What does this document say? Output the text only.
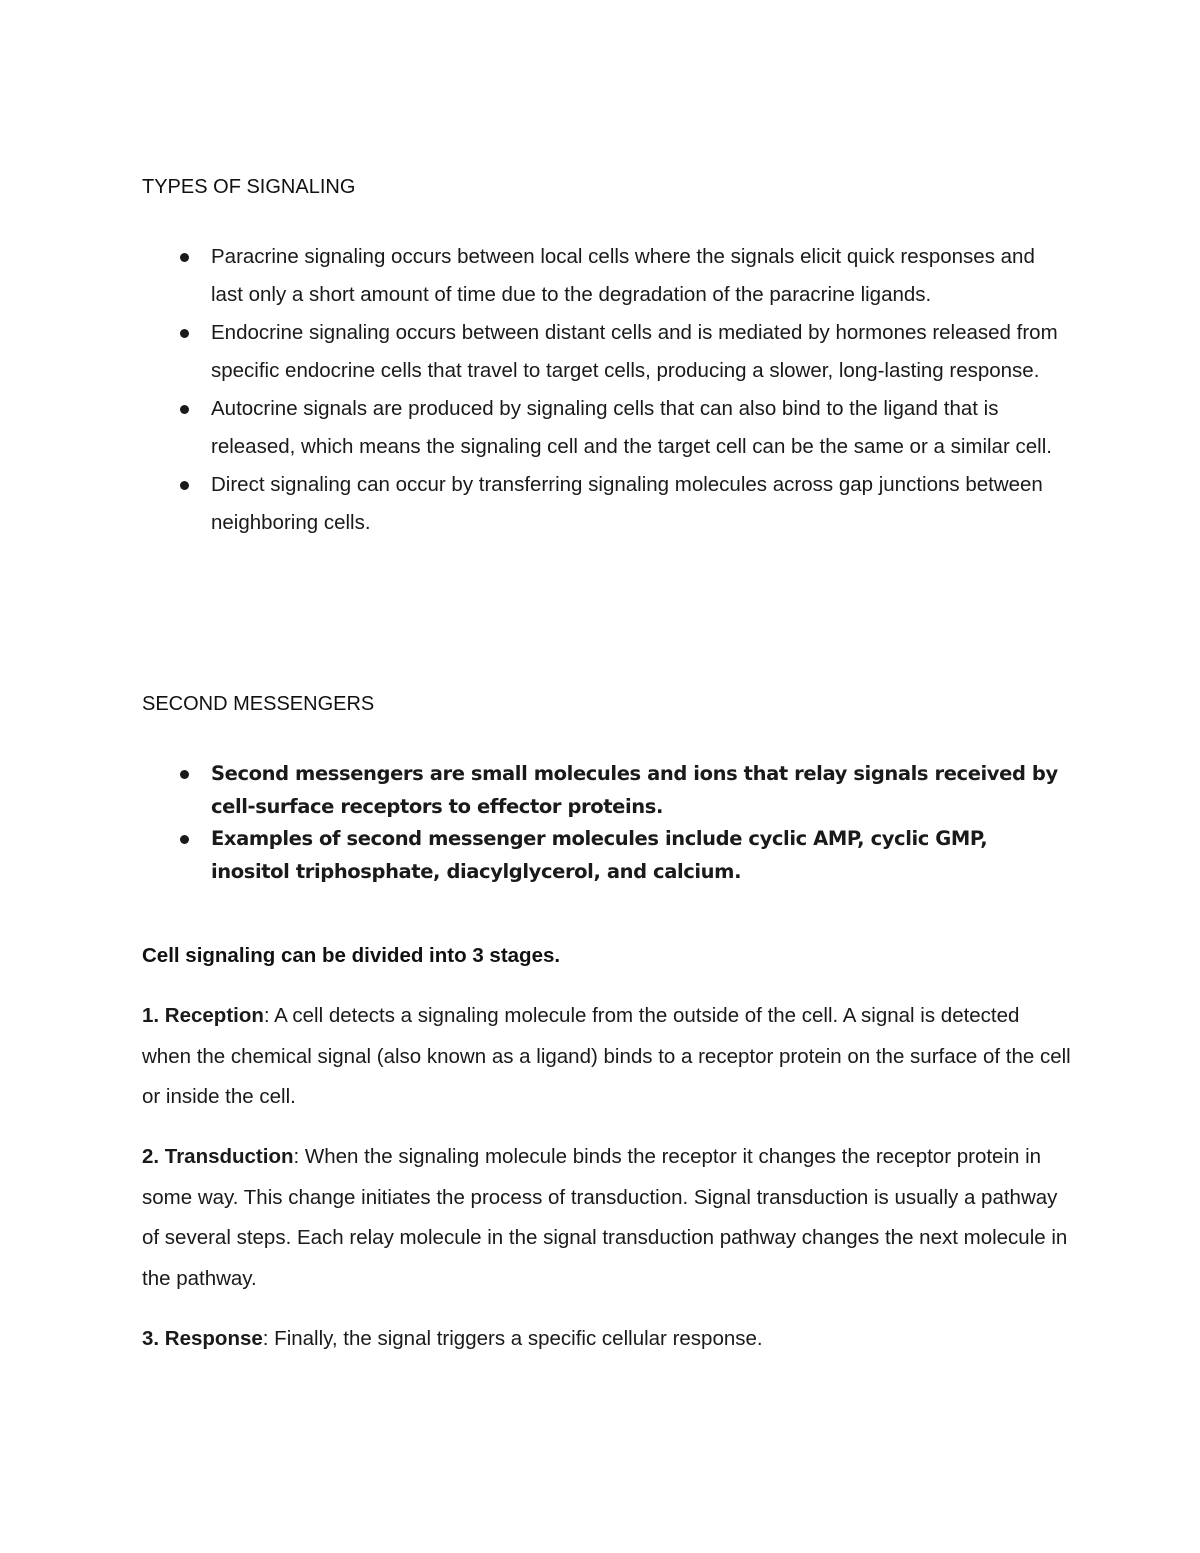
TYPES OF SIGNALING
Paracrine signaling occurs between local cells where the signals elicit quick responses and last only a short amount of time due to the degradation of the paracrine ligands.
Endocrine signaling occurs between distant cells and is mediated by hormones released from specific endocrine cells that travel to target cells, producing a slower, long-lasting response.
Autocrine signals are produced by signaling cells that can also bind to the ligand that is released, which means the signaling cell and the target cell can be the same or a similar cell.
Direct signaling can occur by transferring signaling molecules across gap junctions between neighboring cells.
SECOND MESSENGERS
Second messengers are small molecules and ions that relay signals received by cell-surface receptors to effector proteins.
Examples of second messenger molecules include cyclic AMP, cyclic GMP, inositol triphosphate, diacylglycerol, and calcium.

Cell signaling can be divided into 3 stages.

1. Reception: A cell detects a signaling molecule from the outside of the cell. A signal is detected when the chemical signal (also known as a ligand) binds to a receptor protein on the surface of the cell or inside the cell.

2. Transduction: When the signaling molecule binds the receptor it changes the receptor protein in some way. This change initiates the process of transduction. Signal transduction is usually a pathway of several steps. Each relay molecule in the signal transduction pathway changes the next molecule in the pathway.

3. Response: Finally, the signal triggers a specific cellular response.
